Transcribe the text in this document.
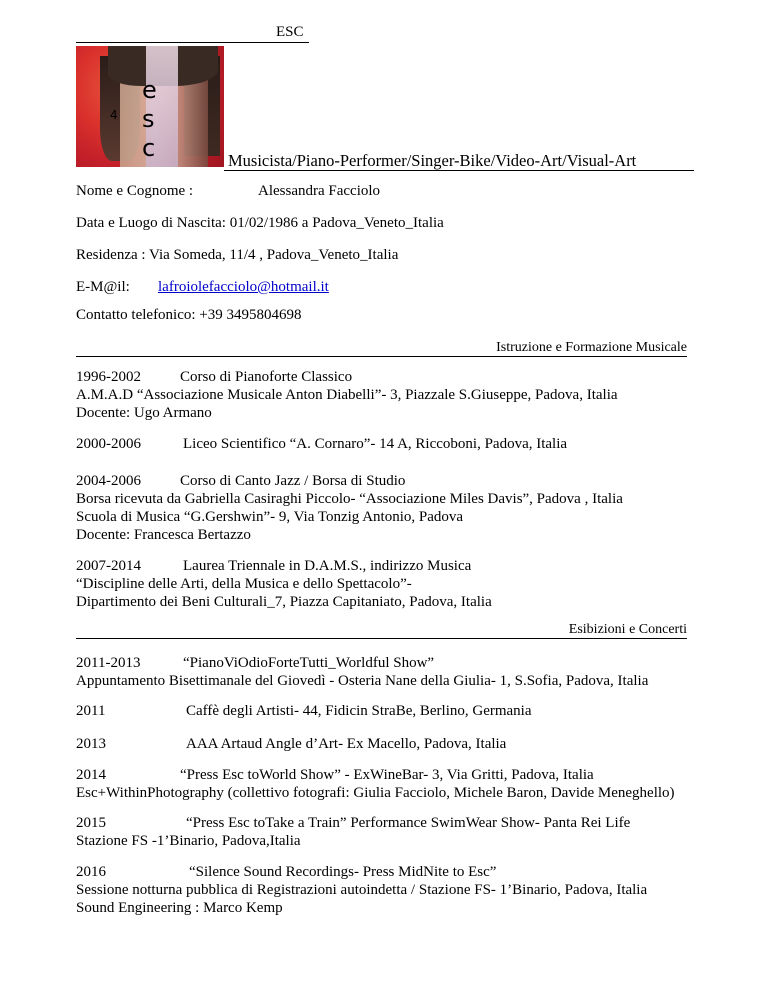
ESC
4
e
s
c	Musicista/Piano-Performer/Singer-Bike/Video-Art/Visual-Art
Nome e Cognome :	Alessandra Facciolo
Data e Luogo di Nascita: 01/02/1986 a Padova_Veneto_Italia
Residenza : Via Someda, 11/4 , Padova_Veneto_Italia
E-M@il: lafroiolefacciolo@hotmail.it
Contatto telefonico: +39 3495804698
Istruzione e Formazione Musicale
1996-2002	Corso di Pianoforte Classico
A.M.A.D “Associazione Musicale Anton Diabelli”- 3, Piazzale S.Giuseppe, Padova, Italia
Docente: Ugo Armano
2000-2006	Liceo Scientifico “A. Cornaro”- 14 A, Riccoboni, Padova, Italia
2004-2006	Corso di Canto Jazz / Borsa di Studio
Borsa ricevuta da Gabriella Casiraghi Piccolo- “Associazione Miles Davis”, Padova , Italia
Scuola di Musica “G.Gershwin”- 9, Via Tonzig Antonio, Padova
Docente: Francesca Bertazzo
2007-2014	Laurea Triennale in D.A.M.S., indirizzo Musica
“Discipline delle Arti, della Musica e dello Spettacolo”-
Dipartimento dei Beni Culturali_7, Piazza Capitaniato, Padova, Italia
Esibizioni e Concerti
2011-2013	“PianoViOdioForteTutti_Worldful Show”
Appuntamento Bisettimanale del Giovedì - Osteria Nane della Giulia- 1, S.Sofia, Padova, Italia
2011	Caffè degli Artisti- 44, Fidicin StraBe, Berlino, Germania
2013	AAA Artaud Angle d’Art- Ex Macello, Padova, Italia
2014	“Press Esc toWorld Show” - ExWineBar- 3, Via Gritti, Padova, Italia
Esc+WithinPhotography (collettivo fotografi: Giulia Facciolo, Michele Baron, Davide Meneghello)
2015	“Press Esc toTake a Train” Performance SwimWear Show- Panta Rei Life
Stazione FS -1’Binario, Padova,Italia
2016	“Silence Sound Recordings- Press MidNite to Esc”
Sessione notturna pubblica di Registrazioni autoindetta / Stazione FS- 1’Binario, Padova, Italia
Sound Engineering : Marco Kemp
